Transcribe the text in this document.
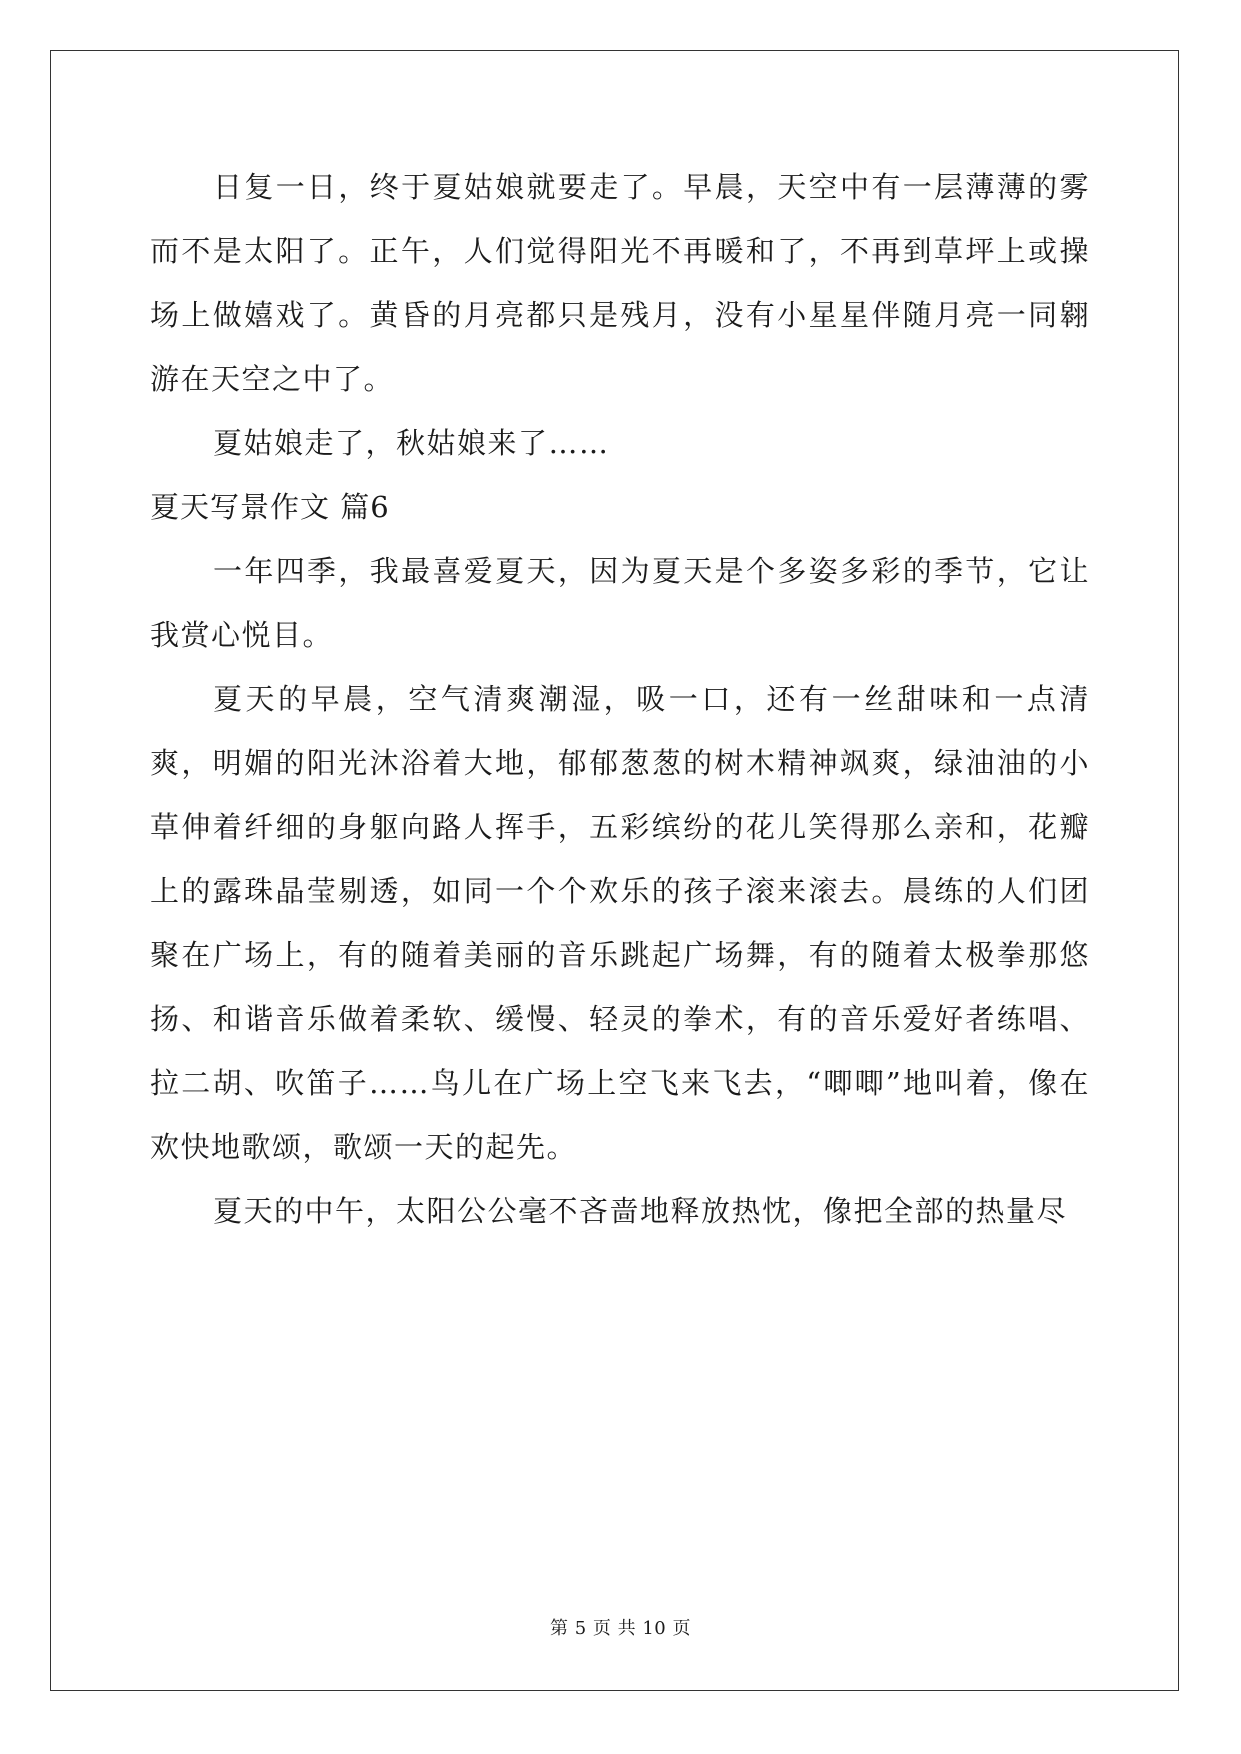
日复一日，终于夏姑娘就要走了。早晨，天空中有一层薄薄的雾而不是太阳了。正午，人们觉得阳光不再暖和了，不再到草坪上或操场上做嬉戏了。黄昏的月亮都只是残月，没有小星星伴随月亮一同翱游在天空之中了。

夏姑娘走了，秋姑娘来了……

夏天写景作文 篇6

一年四季，我最喜爱夏天，因为夏天是个多姿多彩的季节，它让我赏心悦目。

夏天的早晨，空气清爽潮湿，吸一口，还有一丝甜味和一点清爽，明媚的阳光沐浴着大地，郁郁葱葱的树木精神飒爽，绿油油的小草伸着纤细的身躯向路人挥手，五彩缤纷的花儿笑得那么亲和，花瓣上的露珠晶莹剔透，如同一个个欢乐的孩子滚来滚去。晨练的人们团聚在广场上，有的随着美丽的音乐跳起广场舞，有的随着太极拳那悠扬、和谐音乐做着柔软、缓慢、轻灵的拳术，有的音乐爱好者练唱、拉二胡、吹笛子……鸟儿在广场上空飞来飞去，“唧唧”地叫着，像在欢快地歌颂，歌颂一天的起先。

夏天的中午，太阳公公毫不吝啬地释放热忱，像把全部的热量尽

第 5 页 共 10 页
